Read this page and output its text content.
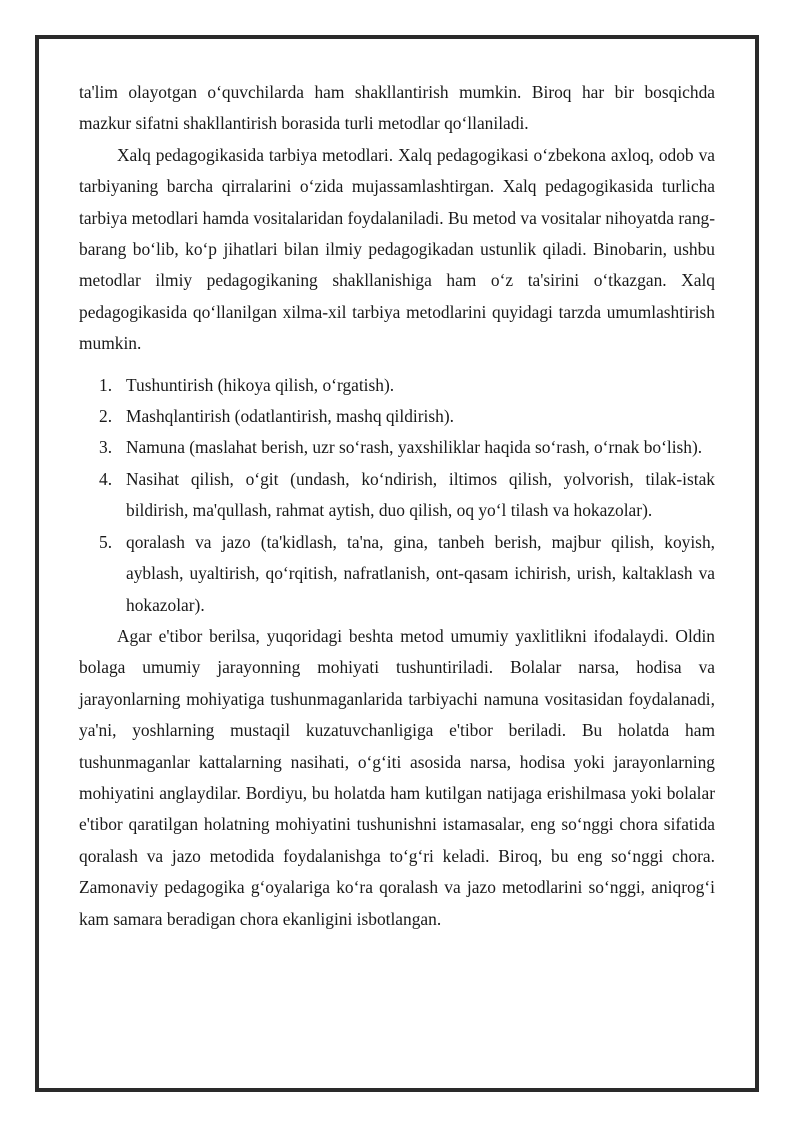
ta'lim olayotgan o‘quvchilarda ham shakllantirish mumkin. Biroq har bir bosqichda mazkur sifatni shakllantirish borasida turli metodlar qo‘llaniladi.

Xalq pedagogikasida tarbiya metodlari. Xalq pedagogikasi o‘zbekona axloq, odob va tarbiyaning barcha qirralarini o‘zida mujassamlashtirgan. Xalq pedagogikasida turlicha tarbiya metodlari hamda vositalaridan foydalaniladi. Bu metod va vositalar nihoyatda rang-barang bo‘lib, ko‘p jihatlari bilan ilmiy pedagogikadan ustunlik qiladi. Binobarin, ushbu metodlar ilmiy pedagogikaning shakllanishiga ham o‘z ta'sirini o‘tkazgan. Xalq pedagogikasida qo‘llanilgan xilma-xil tarbiya metodlarini quyidagi tarzda umumlashtirish mumkin.

1. Tushuntirish (hikoya qilish, o‘rgatish).
2. Mashqlantirish (odatlantirish, mashq qildirish).
3. Namuna (maslahat berish, uzr so‘rash, yaxshiliklar haqida so‘rash, o‘rnak bo‘lish).
4. Nasihat qilish, o‘git (undash, ko‘ndirish, iltimos qilish, yolvorish, tilak-istak bildirish, ma'qullash, rahmat aytish, duo qilish, oq yo‘l tilash va hokazolar).
5. qoralash va jazo (ta'kidlash, ta'na, gina, tanbeh berish, majbur qilish, koyish, ayblash, uyaltirish, qo‘rqitish, nafratlanish, ont-qasam ichirish, urish, kaltaklash va hokazolar).

Agar e'tibor berilsa, yuqoridagi beshta metod umumiy yaxlitlikni ifodalaydi. Oldin bolaga umumiy jarayonning mohiyati tushuntiriladi. Bolalar narsa, hodisa va jarayonlarning mohiyatiga tushunmaganlarida tarbiyachi namuna vositasidan foydalanadi, ya'ni, yoshlarning mustaqil kuzatuvchanligiga e'tibor beriladi. Bu holatda ham tushunmaganlar kattalarning nasihati, o‘g‘iti asosida narsa, hodisa yoki jarayonlarning mohiyatini anglaydilar. Bordiyu, bu holatda ham kutilgan natijaga erishilmasa yoki bolalar e'tibor qaratilgan holatning mohiyatini tushunishni istamasalar, eng so‘nggi chora sifatida qoralash va jazo metodida foydalanishga to‘g‘ri keladi. Biroq, bu eng so‘nggi chora. Zamonaviy pedagogika g‘oyalariga ko‘ra qoralash va jazo metodlarini so‘nggi, aniqrog‘i kam samara beradigan chora ekanligini isbotlangan.
